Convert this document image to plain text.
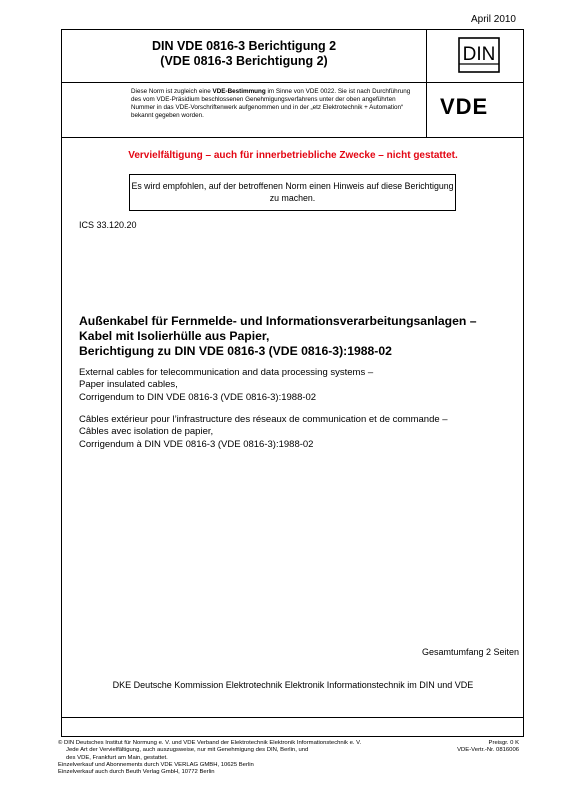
April 2010
DIN VDE 0816-3 Berichtigung 2
(VDE 0816-3 Berichtigung 2)	DIN
Diese Norm ist zugleich eine VDE-Bestimmung im Sinne von VDE 0022. Sie ist nach Durchführung des vom VDE-Präsidium beschlossenen Genehmigungsverfahrens unter der oben angeführten Nummer in das VDE-Vorschriftenwerk aufgenommen und in der „etz Elektrotechnik + Automation“ bekannt gegeben worden.	VDE
Vervielfältigung – auch für innerbetriebliche Zwecke – nicht gestattet.
Es wird empfohlen, auf der betroffenen Norm einen Hinweis auf diese Berichtigung zu machen.
ICS 33.120.20
Außenkabel für Fernmelde- und Informationsverarbeitungsanlagen –
Kabel mit Isolierhülle aus Papier,
Berichtigung zu DIN VDE 0816-3 (VDE 0816-3):1988-02
External cables for telecommunication and data processing systems –
Paper insulated cables,
Corrigendum to DIN VDE 0816-3 (VDE 0816-3):1988-02
Câbles extérieur pour l’infrastructure des réseaux de communication et de commande –
Câbles avec isolation de papier,
Corrigendum à DIN VDE 0816-3 (VDE 0816-3):1988-02
Gesamtumfang 2 Seiten
DKE Deutsche Kommission Elektrotechnik Elektronik Informationstechnik im DIN und VDE
© DIN Deutsches Institut für Normung e. V. und VDE Verband der Elektrotechnik Elektronik Informationstechnik e. V.
Jede Art der Vervielfältigung, auch auszugsweise, nur mit Genehmigung des DIN, Berlin, und
des VDE, Frankfurt am Main, gestattet.
Einzelverkauf und Abonnements durch VDE VERLAG GMBH, 10625 Berlin
Einzelverkauf auch durch Beuth Verlag GmbH, 10772 Berlin
Preisgr. 0 K
VDE-Vertr.-Nr. 0816006
